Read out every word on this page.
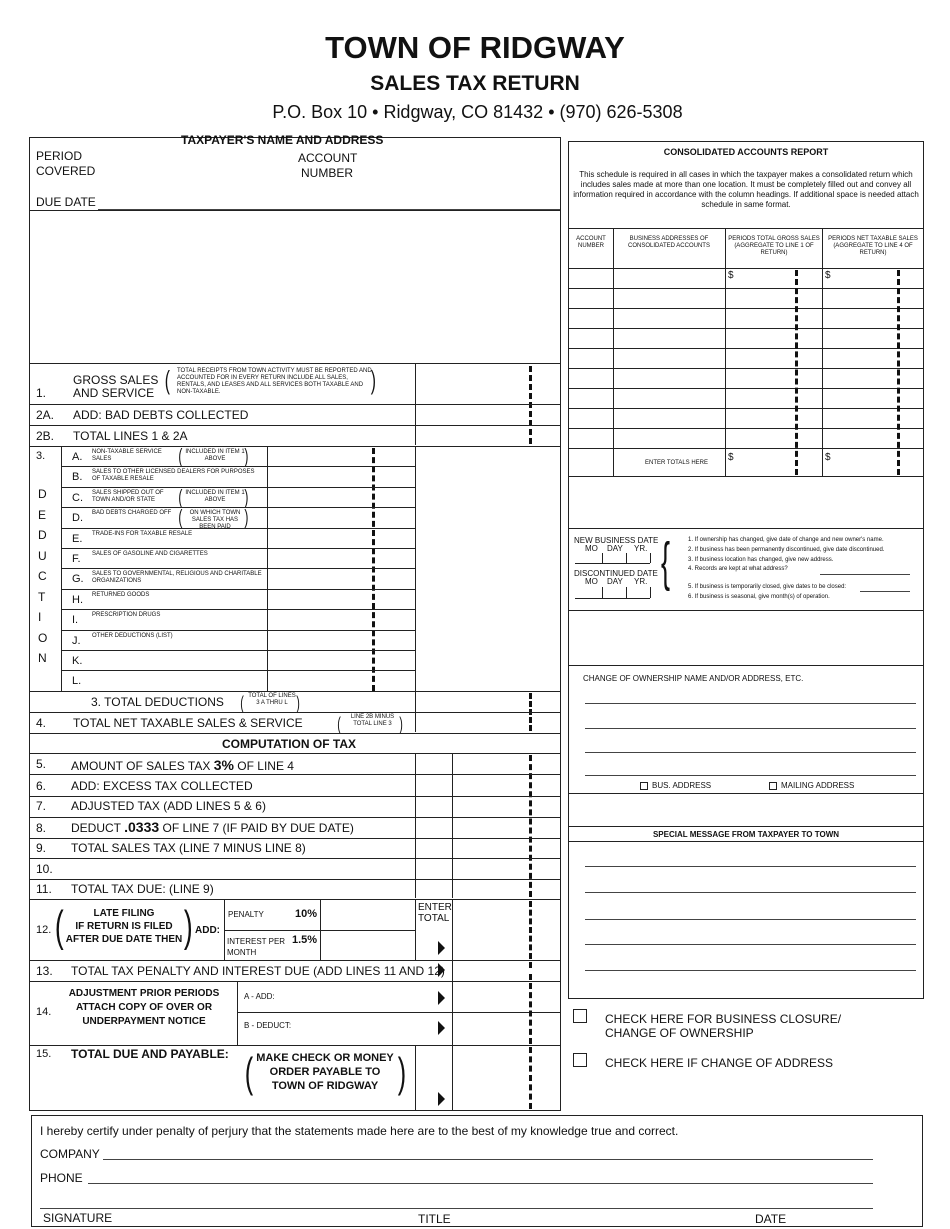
TOWN OF RIDGWAY
SALES TAX RETURN
P.O. Box 10 • Ridgway, CO 81432 • (970) 626-5308
TAXPAYER'S NAME AND ADDRESS
PERIOD
COVERED
ACCOUNT
NUMBER
DUE DATE
1.
GROSS SALES
AND SERVICE ( TOTAL RECEIPTS FROM TOWN ACTIVITY MUST BE REPORTED AND ACCOUNTED FOR IN EVERY RETURN INCLUDE ALL SALES, RENTALS, AND LEASES AND ALL SERVICES BOTH TAXABLE AND NON-TAXABLE.	)
2A. ADD: BAD DEBTS COLLECTED
2B. TOTAL LINES 1 & 2A
3.
D
E
D
U
C
T
I
O
N
A. NON-TAXABLE SERVICE SALES	( INCLUDED IN ITEM 1 ABOVE )
B. SALES TO OTHER LICENSED DEALERS FOR PURPOSES OF TAXABLE RESALE
C. SALES SHIPPED OUT OF TOWN AND/OR STATE	( INCLUDED IN ITEM 1 ABOVE )
D. BAD DEBTS CHARGED OFF (	ON WHICH TOWN SALES TAX HAS BEEN PAID )
E. TRADE-INS FOR TAXABLE RESALE
F. SALES OF GASOLINE AND CIGARETTES
G. SALES TO GOVERNMENTAL, RELIGIOUS AND CHARITABLE ORGANIZATIONS
H. RETURNED GOODS
I. PRESCRIPTION DRUGS
J. OTHER DEDUCTIONS (LIST)
K.
L.
3. TOTAL DEDUCTIONS ( TOTAL OF LINES 3 A THRU L )
4. TOTAL NET TAXABLE SALES & SERVICE (	LINE 2B MINUS TOTAL LINE 3 )
COMPUTATION OF TAX
5. AMOUNT OF SALES TAX 3% OF LINE 4
6. ADD: EXCESS TAX COLLECTED
7. ADJUSTED TAX (ADD LINES 5 & 6)
8. DEDUCT .0333 OF LINE 7 (IF PAID BY DUE DATE)
9. TOTAL SALES TAX (LINE 7 MINUS LINE 8)
10.
11. TOTAL TAX DUE: (LINE 9)
12. (	LATE FILING
IF RETURN IS FILED
AFTER DUE DATE THEN ) ADD:
PENALTY	10%
INTEREST PER 1.5%
MONTH
ENTER
TOTAL
13. TOTAL TAX PENALTY AND INTEREST DUE (ADD LINES 11 AND 12)
14.
ADJUSTMENT PRIOR PERIODS
ATTACH COPY OF OVER OR
UNDERPAYMENT NOTICE
A - ADD:
B - DEDUCT:
15. TOTAL DUE AND PAYABLE: ( MAKE CHECK OR MONEY
ORDER PAYABLE TO
TOWN OF RIDGWAY )
CONSOLIDATED ACCOUNTS REPORT
This schedule is required in all cases in which the taxpayer makes a consolidated return which includes sales made at more than one location. It must be completely filled out and convey all information required in accordance with the column headings. If additional space is needed attach schedule in same format.
ACCOUNT NUMBER
BUSINESS ADDRESSES OF CONSOLIDATED ACCOUNTS
PERIODS TOTAL GROSS SALES (AGGREGATE TO LINE 1 OF RETURN)
PERIODS NET TAXABLE SALES (AGGREGATE TO LINE 4 OF RETURN)
$	$
ENTER TOTALS HERE $	$
NEW BUSINESS DATE
MO DAY YR.
DISCONTINUED DATE
MO DAY YR. {	1. If ownership has changed, give date of change and new owner's name.
2. If business has been permanently discontinued, give date discontinued.
3. If business location has changed, give new address.
4. Records are kept at what address?
5. If business is temporarily closed, give dates to be closed:
6. If business is seasonal, give month(s) of operation.
CHANGE OF OWNERSHIP NAME AND/OR ADDRESS, ETC.
BUS. ADDRESS	MAILING ADDRESS
SPECIAL MESSAGE FROM TAXPAYER TO TOWN
CHECK HERE FOR BUSINESS CLOSURE/
CHANGE OF OWNERSHIP
CHECK HERE IF CHANGE OF ADDRESS
I hereby certify under penalty of perjury that the statements made here are to the best of my knowledge true and correct.
COMPANY
PHONE
SIGNATURE	TITLE	DATE
